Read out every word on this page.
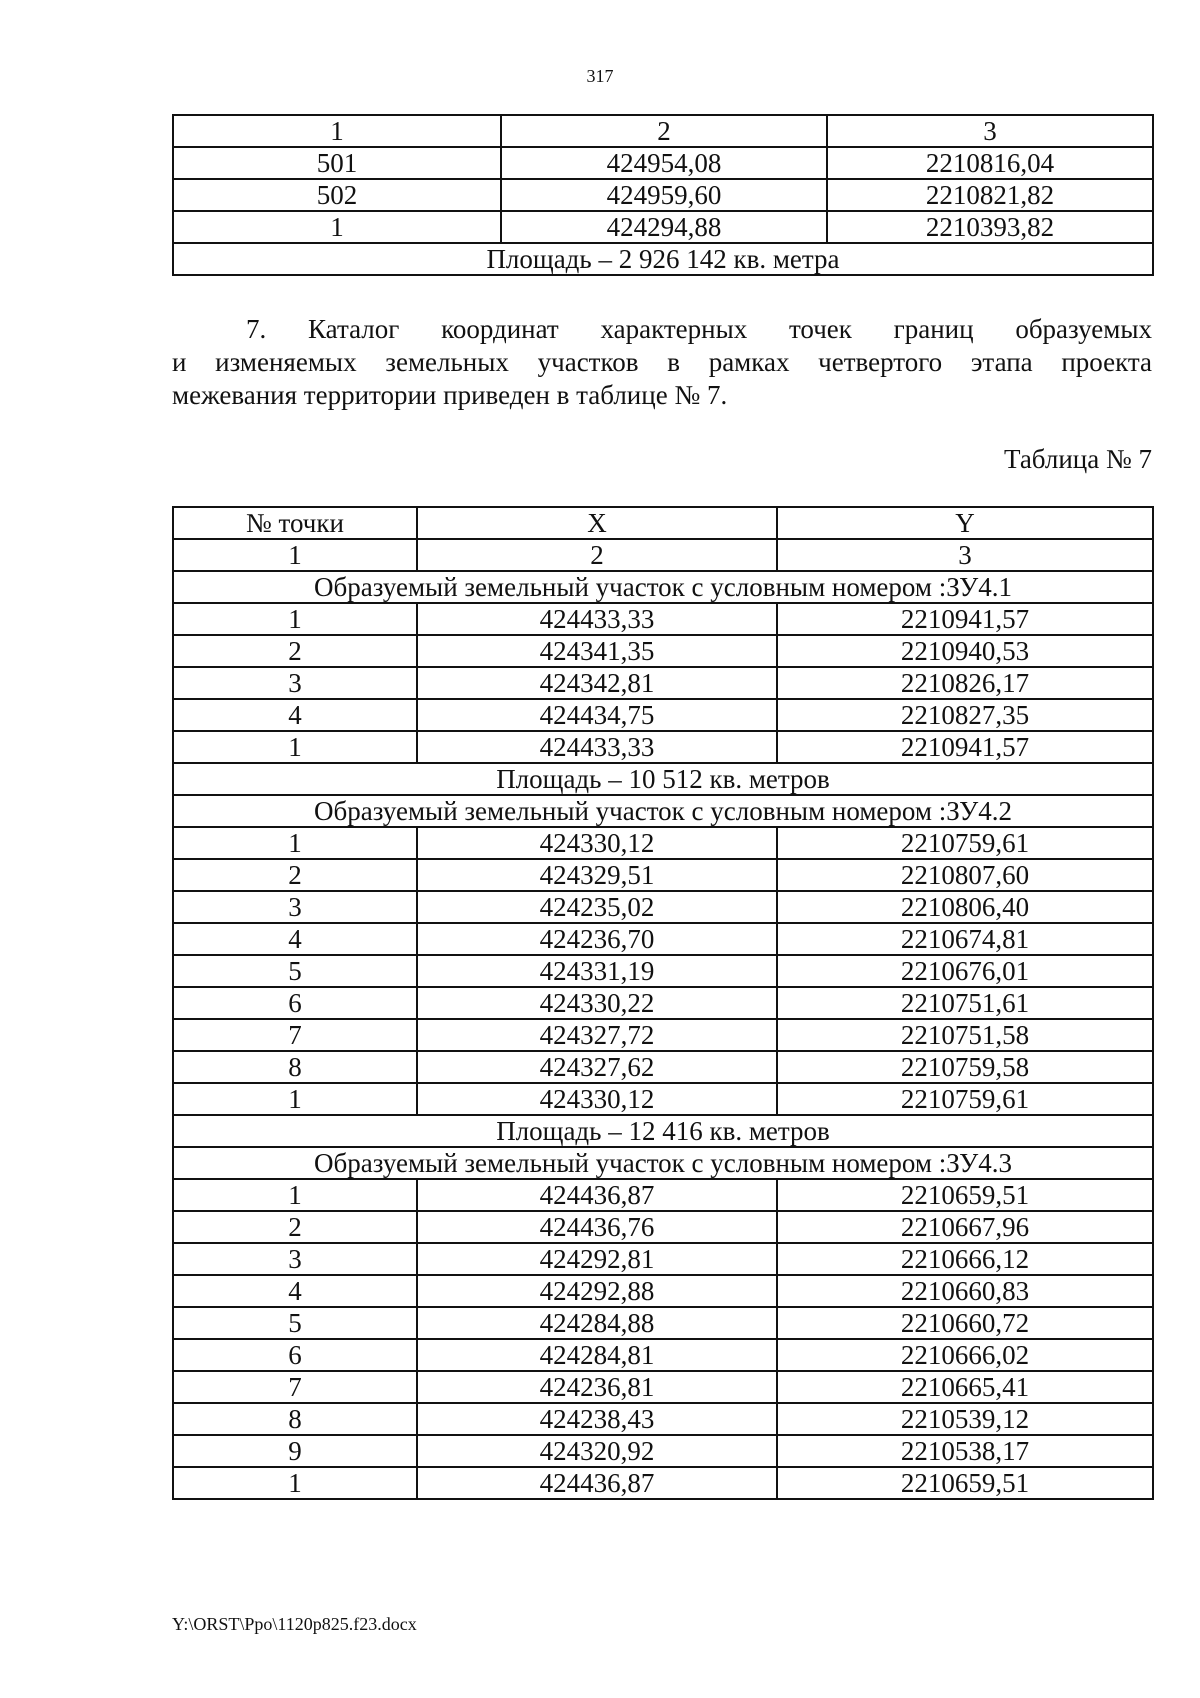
317
1	2	3
501	424954,08	2210816,04
502	424959,60	2210821,82
1	424294,88	2210393,82
Площадь – 2 926 142 кв. метра		
7. Каталог координат характерных точек границ образуемых
и изменяемых земельных участков в рамках четвертого этапа проекта
межевания территории приведен в таблице № 7.
Таблица № 7
№ точки	X	Y
1	2	3
Образуемый земельный участок с условным номером :ЗУ4.1		
1	424433,33	2210941,57
2	424341,35	2210940,53
3	424342,81	2210826,17
4	424434,75	2210827,35
1	424433,33	2210941,57
Площадь – 10 512 кв. метров		
Образуемый земельный участок с условным номером :ЗУ4.2		
1	424330,12	2210759,61
2	424329,51	2210807,60
3	424235,02	2210806,40
4	424236,70	2210674,81
5	424331,19	2210676,01
6	424330,22	2210751,61
7	424327,72	2210751,58
8	424327,62	2210759,58
1	424330,12	2210759,61
Площадь – 12 416 кв. метров		
Образуемый земельный участок с условным номером :ЗУ4.3		
1	424436,87	2210659,51
2	424436,76	2210667,96
3	424292,81	2210666,12
4	424292,88	2210660,83
5	424284,88	2210660,72
6	424284,81	2210666,02
7	424236,81	2210665,41
8	424238,43	2210539,12
9	424320,92	2210538,17
1	424436,87	2210659,51
Y:\ORST\Ppo\1120p825.f23.docx
